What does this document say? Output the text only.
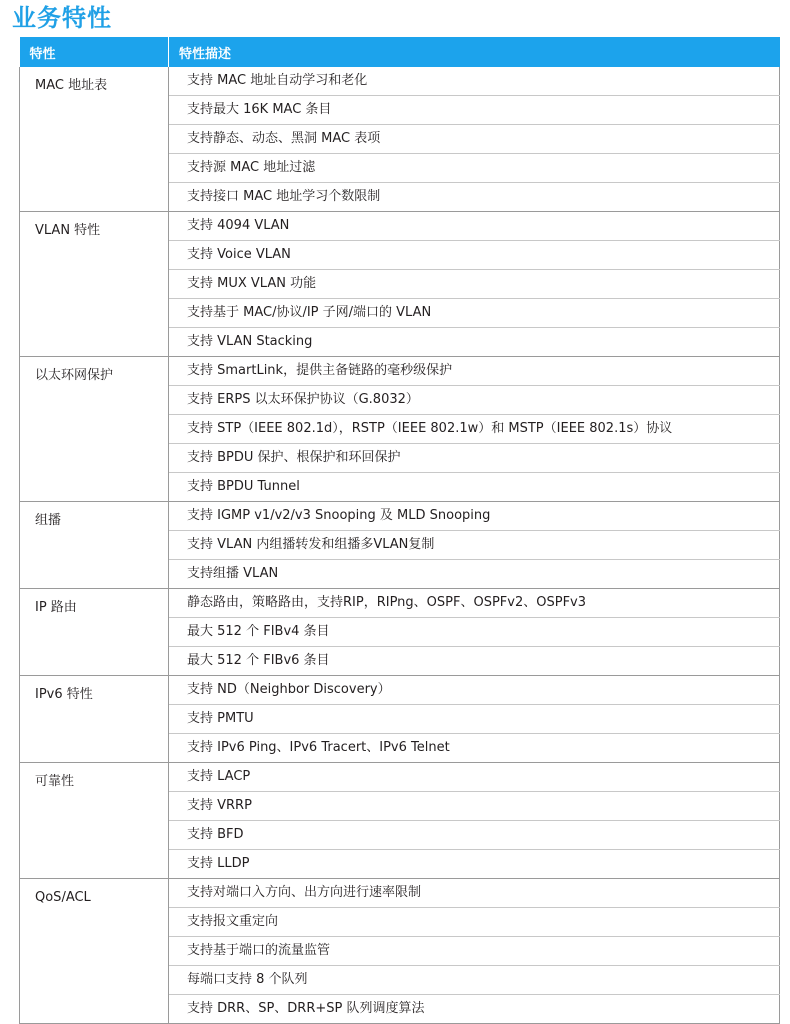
业务特性
特性	特性描述
MAC 地址表	支持 MAC 地址自动学习和老化
	支持最大 16K MAC 条目
	支持静态、动态、黑洞 MAC 表项
	支持源 MAC 地址过滤
	支持接口 MAC 地址学习个数限制
VLAN 特性	支持 4094 VLAN
	支持 Voice VLAN
	支持 MUX VLAN 功能
	支持基于 MAC/协议/IP 子网/端口的 VLAN
	支持 VLAN Stacking
以太环网保护	支持 SmartLink，提供主备链路的毫秒级保护
	支持 ERPS 以太环保护协议（G.8032）
	支持 STP（IEEE 802.1d），RSTP（IEEE 802.1w）和 MSTP（IEEE 802.1s）协议
	支持 BPDU 保护、根保护和环回保护
	支持 BPDU Tunnel
组播	支持 IGMP v1/v2/v3 Snooping 及 MLD Snooping
	支持 VLAN 内组播转发和组播多VLAN复制
	支持组播 VLAN
IP 路由	静态路由，策略路由，支持RIP，RIPng、OSPF、OSPFv2、OSPFv3
	最大 512 个 FIBv4 条目
	最大 512 个 FIBv6 条目
IPv6 特性	支持 ND（Neighbor Discovery）
	支持 PMTU
	支持 IPv6 Ping、IPv6 Tracert、IPv6 Telnet
可靠性	支持 LACP
	支持 VRRP
	支持 BFD
	支持 LLDP
QoS/ACL	支持对端口入方向、出方向进行速率限制
	支持报文重定向
	支持基于端口的流量监管
	每端口支持 8 个队列
	支持 DRR、SP、DRR+SP 队列调度算法
